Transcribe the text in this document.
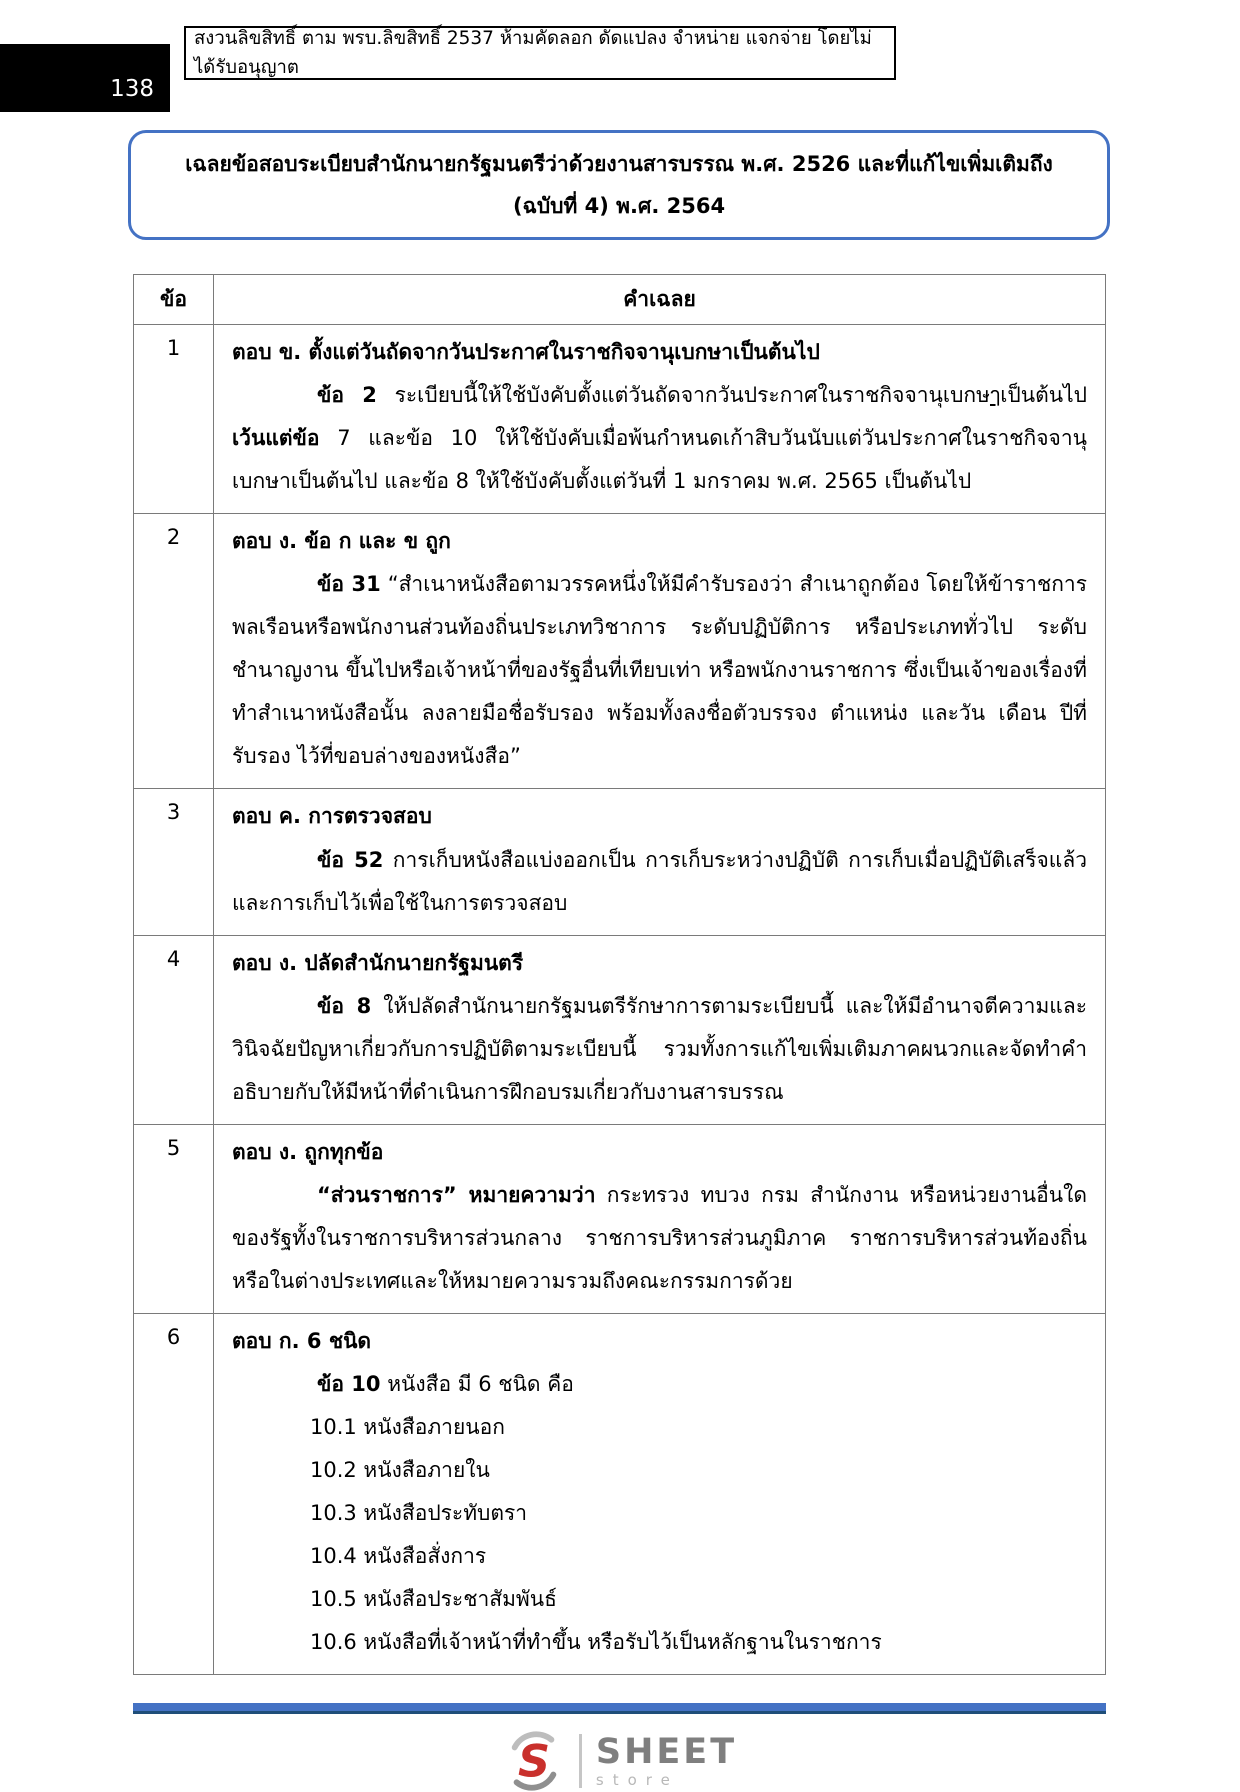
138
สงวนลิขสิทธิ์ ตาม พรบ.ลิขสิทธิ์ 2537 ห้ามคัดลอก ดัดแปลง จำหน่าย แจกจ่าย โดยไม่ได้รับอนุญาต
เฉลยข้อสอบระเบียบสำนักนายกรัฐมนตรีว่าด้วยงานสารบรรณ พ.ศ. 2526 และที่แก้ไขเพิ่มเติมถึง
(ฉบับที่ 4) พ.ศ. 2564
ข้อ	คำเฉลย
1	ตอบ ข. ตั้งแต่วันถัดจากวันประกาศในราชกิจจานุเบกษาเป็นต้นไป

ข้อ 2 ระเบียบนี้ให้ใช้บังคับตั้งแต่วันถัดจากวันประกาศในราชกิจจานุเบกษๅเป็นต้นไป เว้นแต่ข้อ 7 และข้อ 10 ให้ใช้บังคับเมื่อพ้นกำหนดเก้าสิบวันนับแต่วันประกาศในราชกิจจานุเบกษาเป็นต้นไป และข้อ 8 ให้ใช้บังคับตั้งแต่วันที่ 1 มกราคม พ.ศ. 2565 เป็นต้นไป

2	ตอบ ง. ข้อ ก และ ข ถูก

ข้อ 31 “สำเนาหนังสือตามวรรคหนึ่งให้มีคำรับรองว่า สำเนาถูกต้อง โดยให้ข้าราชการพลเรือนหรือพนักงานส่วนท้องถิ่นประเภทวิชาการ ระดับปฏิบัติการ หรือประเภททั่วไป ระดับชำนาญงาน ขึ้นไปหรือเจ้าหน้าที่ของรัฐอื่นที่เทียบเท่า หรือพนักงานราชการ ซึ่งเป็นเจ้าของเรื่องที่ทำสำเนาหนังสือนั้น ลงลายมือชื่อรับรอง พร้อมทั้งลงชื่อตัวบรรจง ตำแหน่ง และวัน เดือน ปีที่รับรอง ไว้ที่ขอบล่างของหนังสือ”

3	ตอบ ค. การตรวจสอบ

ข้อ 52 การเก็บหนังสือแบ่งออกเป็น การเก็บระหว่างปฏิบัติ การเก็บเมื่อปฏิบัติเสร็จแล้วและการเก็บไว้เพื่อใช้ในการตรวจสอบ

4	ตอบ ง. ปลัดสำนักนายกรัฐมนตรี

ข้อ 8 ให้ปลัดสำนักนายกรัฐมนตรีรักษาการตามระเบียบนี้ และให้มีอำนาจตีความและวินิจฉัยปัญหาเกี่ยวกับการปฏิบัติตามระเบียบนี้ รวมทั้งการแก้ไขเพิ่มเติมภาคผนวกและจัดทำคำอธิบายกับให้มีหน้าที่ดำเนินการฝึกอบรมเกี่ยวกับงานสารบรรณ

5	ตอบ ง. ถูกทุกข้อ

“ส่วนราชการ” หมายความว่า กระทรวง ทบวง กรม สำนักงาน หรือหน่วยงานอื่นใดของรัฐทั้งในราชการบริหารส่วนกลาง ราชการบริหารส่วนภูมิภาค ราชการบริหารส่วนท้องถิ่น หรือในต่างประเทศและให้หมายความรวมถึงคณะกรรมการด้วย

6	ตอบ ก. 6 ชนิด

ข้อ 10 หนังสือ มี 6 ชนิด คือ

10.1 หนังสือภายนอก
10.2 หนังสือภายใน
10.3 หนังสือประทับตรา
10.4 หนังสือสั่งการ
10.5 หนังสือประชาสัมพันธ์
10.6 หนังสือที่เจ้าหน้าที่ทำขึ้น หรือรับไว้เป็นหลักฐานในราชการ
S SHEET
store
